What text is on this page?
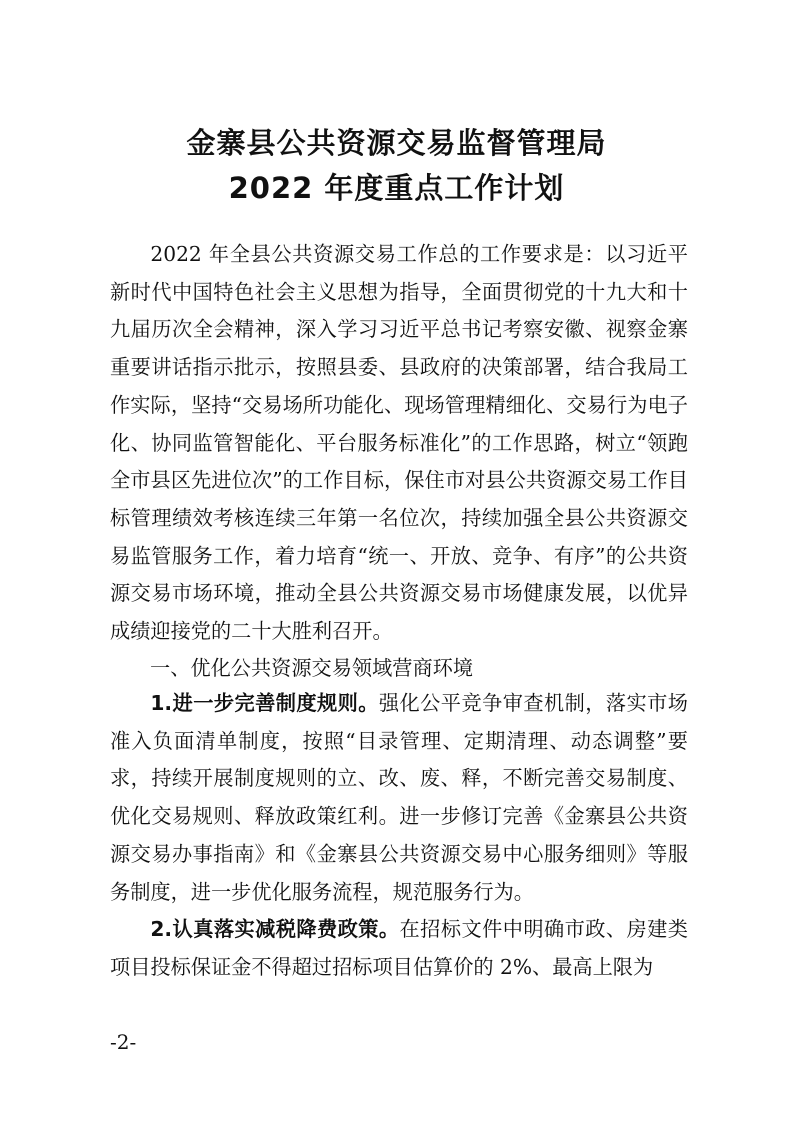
金寨县公共资源交易监督管理局
2022 年度重点工作计划

2022 年全县公共资源交易工作总的工作要求是：以习近平新时代中国特色社会主义思想为指导，全面贯彻党的十九大和十九届历次全会精神，深入学习习近平总书记考察安徽、视察金寨重要讲话指示批示，按照县委、县政府的决策部署，结合我局工作实际，坚持“交易场所功能化、现场管理精细化、交易行为电子化、协同监管智能化、平台服务标准化”的工作思路，树立“领跑全市县区先进位次”的工作目标，保住市对县公共资源交易工作目标管理绩效考核连续三年第一名位次，持续加强全县公共资源交易监管服务工作，着力培育“统一、开放、竞争、有序”的公共资源交易市场环境，推动全县公共资源交易市场健康发展，以优异成绩迎接党的二十大胜利召开。

一、优化公共资源交易领域营商环境

1.进一步完善制度规则。强化公平竞争审查机制，落实市场准入负面清单制度，按照“目录管理、定期清理、动态调整”要求，持续开展制度规则的立、改、废、释，不断完善交易制度、优化交易规则、释放政策红利。进一步修订完善《金寨县公共资源交易办事指南》和《金寨县公共资源交易中心服务细则》等服务制度，进一步优化服务流程，规范服务行为。

2.认真落实减税降费政策。在招标文件中明确市政、房建类项目投标保证金不得超过招标项目估算价的 2%、最高上限为

-2-
